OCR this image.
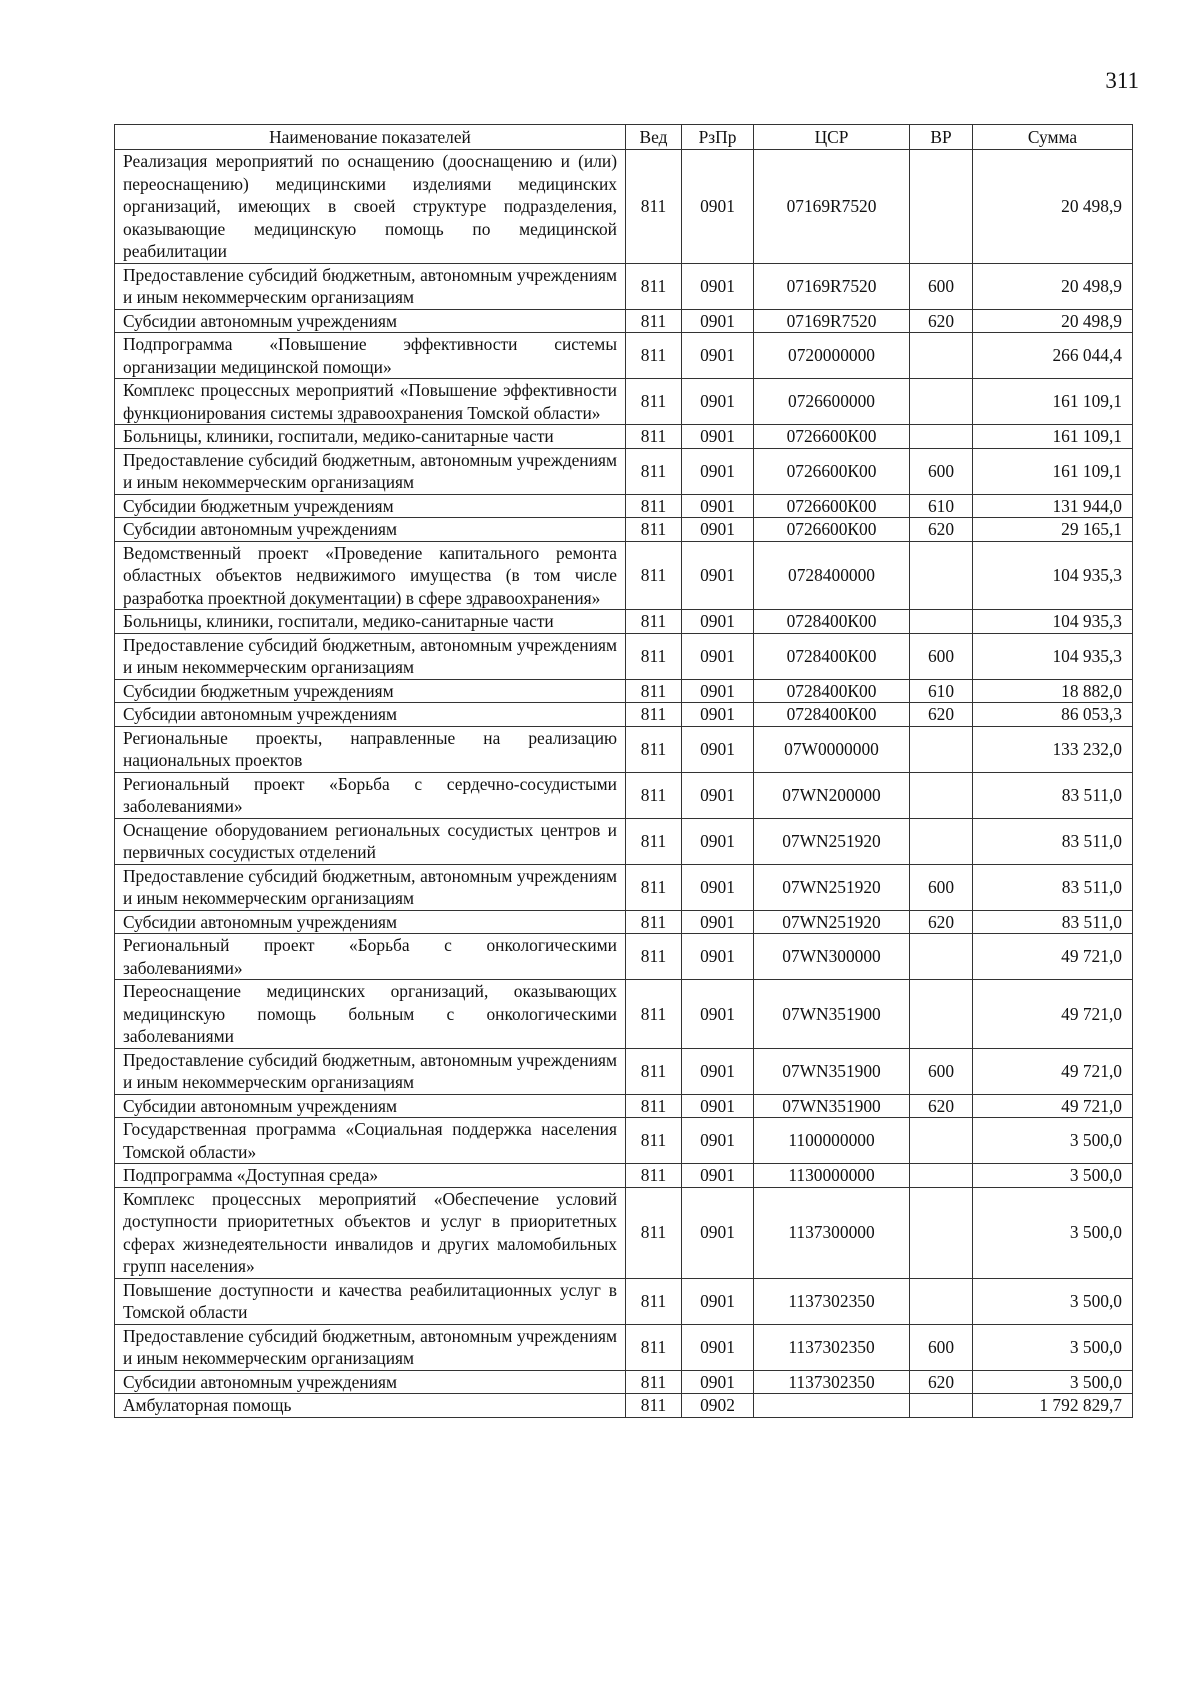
311
Наименование показателей	Вед	РзПр	ЦСР	ВР	Сумма
Реализация мероприятий по оснащению (дооснащению и (или) переоснащению) медицинскими изделиями медицинских организаций, имеющих в своей структуре подразделения, оказывающие медицинскую помощь по медицинской реабилитации	811	0901	07169R7520		20 498,9
Предоставление субсидий бюджетным, автономным учреждениям и иным некоммерческим организациям	811	0901	07169R7520	600	20 498,9
Субсидии автономным учреждениям	811	0901	07169R7520	620	20 498,9
Подпрограмма «Повышение эффективности системы организации медицинской помощи»	811	0901	0720000000		266 044,4
Комплекс процессных мероприятий «Повышение эффективности функционирования системы здравоохранения Томской области»	811	0901	0726600000		161 109,1
Больницы, клиники, госпитали, медико-санитарные части	811	0901	0726600К00		161 109,1
Предоставление субсидий бюджетным, автономным учреждениям и иным некоммерческим организациям	811	0901	0726600К00	600	161 109,1
Субсидии бюджетным учреждениям	811	0901	0726600К00	610	131 944,0
Субсидии автономным учреждениям	811	0901	0726600К00	620	29 165,1
Ведомственный проект «Проведение капитального ремонта областных объектов недвижимого имущества (в том числе разработка проектной документации) в сфере здравоохранения»	811	0901	0728400000		104 935,3
Больницы, клиники, госпитали, медико-санитарные части	811	0901	0728400К00		104 935,3
Предоставление субсидий бюджетным, автономным учреждениям и иным некоммерческим организациям	811	0901	0728400К00	600	104 935,3
Субсидии бюджетным учреждениям	811	0901	0728400К00	610	18 882,0
Субсидии автономным учреждениям	811	0901	0728400К00	620	86 053,3
Региональные проекты, направленные на реализацию национальных проектов	811	0901	07W0000000		133 232,0
Региональный проект «Борьба с сердечно-сосудистыми заболеваниями»	811	0901	07WN200000		83 511,0
Оснащение оборудованием региональных сосудистых центров и первичных сосудистых отделений	811	0901	07WN251920		83 511,0
Предоставление субсидий бюджетным, автономным учреждениям и иным некоммерческим организациям	811	0901	07WN251920	600	83 511,0
Субсидии автономным учреждениям	811	0901	07WN251920	620	83 511,0
Региональный проект «Борьба с онкологическими заболеваниями»	811	0901	07WN300000		49 721,0
Переоснащение медицинских организаций, оказывающих медицинскую помощь больным с онкологическими заболеваниями	811	0901	07WN351900		49 721,0
Предоставление субсидий бюджетным, автономным учреждениям и иным некоммерческим организациям	811	0901	07WN351900	600	49 721,0
Субсидии автономным учреждениям	811	0901	07WN351900	620	49 721,0
Государственная программа «Социальная поддержка населения Томской области»	811	0901	1100000000		3 500,0
Подпрограмма «Доступная среда»	811	0901	1130000000		3 500,0
Комплекс процессных мероприятий «Обеспечение условий доступности приоритетных объектов и услуг в приоритетных сферах жизнедеятельности инвалидов и других маломобильных групп населения»	811	0901	1137300000		3 500,0
Повышение доступности и качества реабилитационных услуг в Томской области	811	0901	1137302350		3 500,0
Предоставление субсидий бюджетным, автономным учреждениям и иным некоммерческим организациям	811	0901	1137302350	600	3 500,0
Субсидии автономным учреждениям	811	0901	1137302350	620	3 500,0
Амбулаторная помощь	811	0902			1 792 829,7
